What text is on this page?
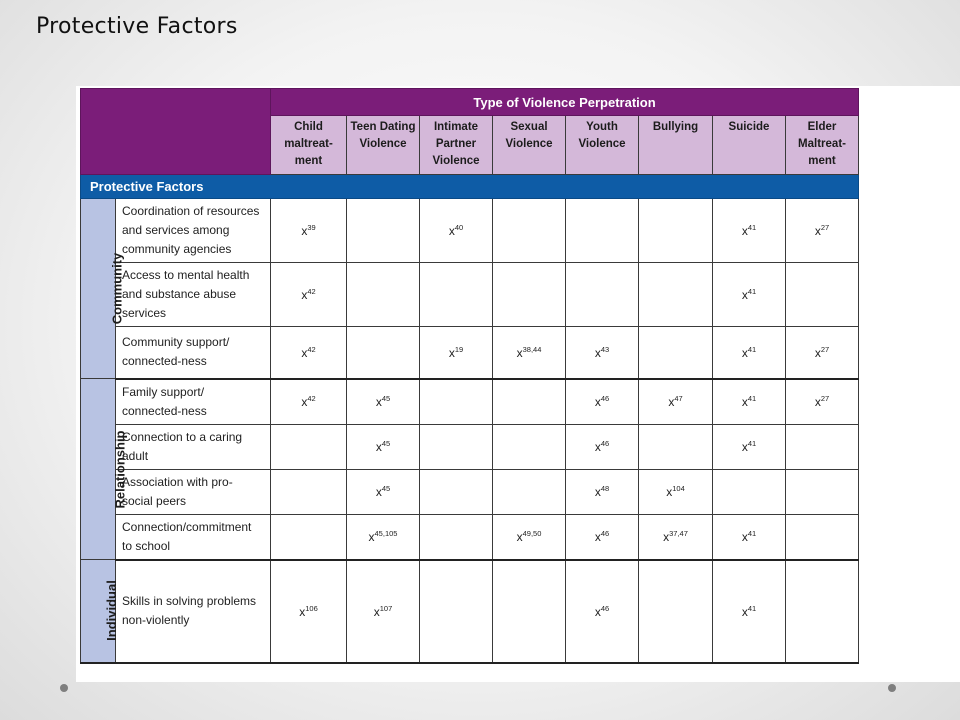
Protective Factors
		Type of Violence Perpetration							
		Child
maltreat-
ment	Teen Dating
Violence	Intimate
Partner
Violence	Sexual
Violence	Youth
Violence	Bullying	Suicide	Elder
Maltreat-
ment
Protective Factors									
Community	Coordination of resources
and services among
community agencies	$x^{39}$		$x^{40}$				$x^{41}$	$x^{27}$
	Access to mental health
and substance abuse
services	$x^{42}$						$x^{41}$	
	Community support/
connected-ness	$x^{42}$		$x^{19}$	$x^{38,44}$	$x^{43}$		$x^{41}$	$x^{27}$
Relationship	Family support/
connected-ness	$x^{42}$	$x^{45}$			$x^{46}$	$x^{47}$	$x^{41}$	$x^{27}$
	Connection to a caring
adult		$x^{45}$			$x^{46}$		$x^{41}$	
	Association with pro-
social peers		$x^{45}$			$x^{48}$	$x^{104}$		
	Connection/commitment
to school		$x^{45,105}$		$x^{49,50}$	$x^{46}$	$x^{37,47}$	$x^{41}$	
Individual	Skills in solving problems
non-violently	$x^{106}$	$x^{107}$			$x^{46}$		$x^{41}$	
